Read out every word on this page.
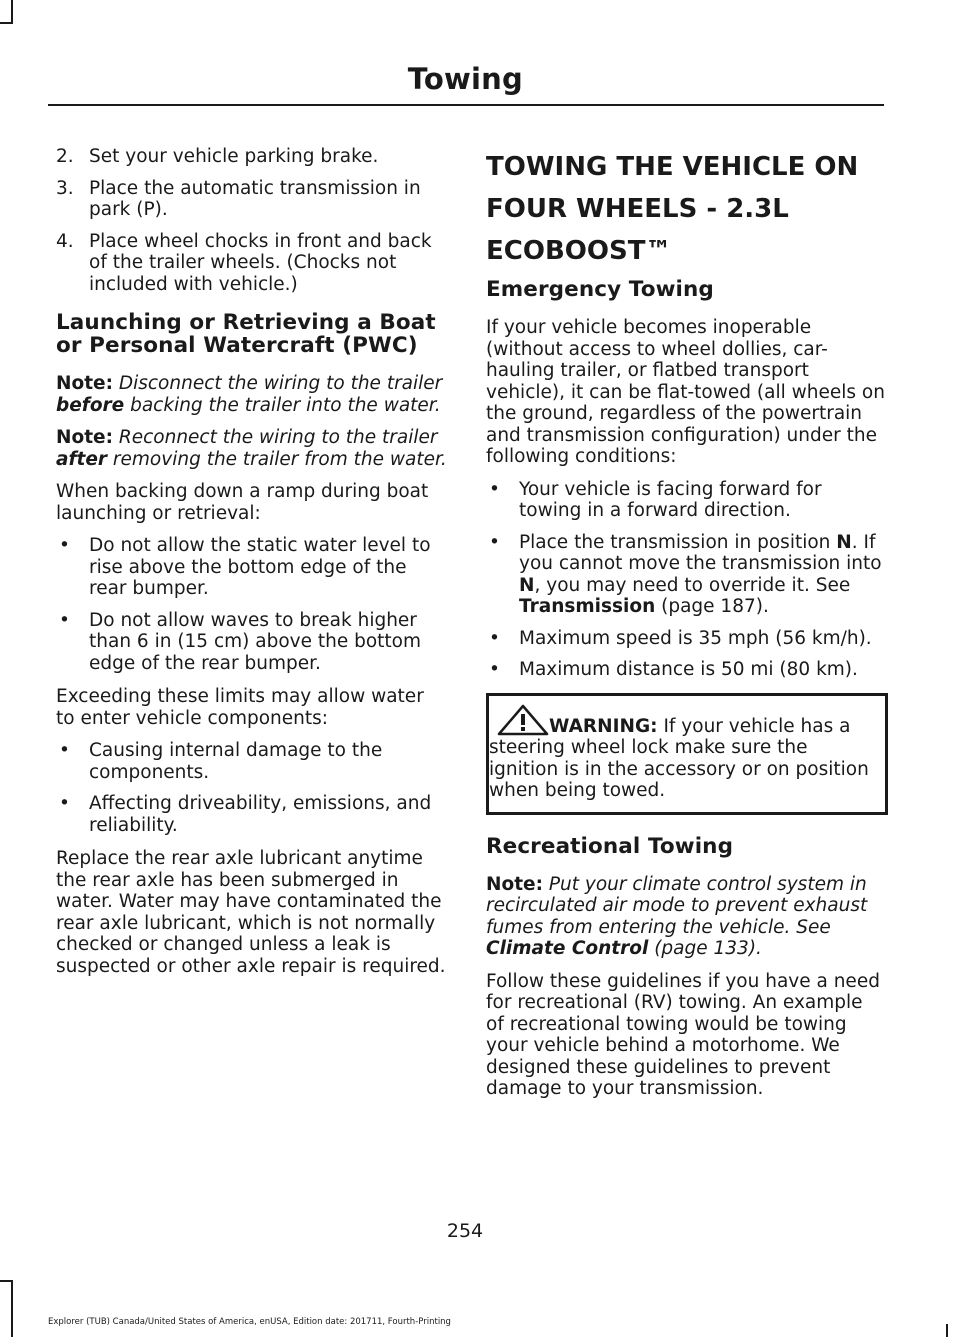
Towing
2. Set your vehicle parking brake.
3. Place the automatic transmission in park (P).
4. Place wheel chocks in front and back of the trailer wheels. (Chocks not included with vehicle.)
Launching or Retrieving a Boat or Personal Watercraft (PWC)

Note: Disconnect the wiring to the trailer before backing the trailer into the water.

Note: Reconnect the wiring to the trailer after removing the trailer from the water.

When backing down a ramp during boat launching or retrieval:

• Do not allow the static water level to rise above the bottom edge of the rear bumper.
• Do not allow waves to break higher than 6 in (15 cm) above the bottom edge of the rear bumper.

Exceeding these limits may allow water to enter vehicle components:

• Causing internal damage to the components.
• Affecting driveability, emissions, and reliability.

Replace the rear axle lubricant anytime the rear axle has been submerged in water. Water may have contaminated the rear axle lubricant, which is not normally checked or changed unless a leak is suspected or other axle repair is required.

TOWING THE VEHICLE ON
FOUR WHEELS - 2.3L
ECOBOOST™
Emergency Towing

If your vehicle becomes inoperable (without access to wheel dollies, car-hauling trailer, or flatbed transport vehicle), it can be flat-towed (all wheels on the ground, regardless of the powertrain and transmission configuration) under the following conditions:

• Your vehicle is facing forward for towing in a forward direction.
• Place the transmission in position N. If you cannot move the transmission into N, you may need to override it. See Transmission (page 187).
• Maximum speed is 35 mph (56 km/h).
• Maximum distance is 50 mi (80 km).

WARNING: If your vehicle has a steering wheel lock make sure the ignition is in the accessory or on position when being towed.

Recreational Towing

Note: Put your climate control system in recirculated air mode to prevent exhaust fumes from entering the vehicle. See Climate Control (page 133).

Follow these guidelines if you have a need for recreational (RV) towing. An example of recreational towing would be towing your vehicle behind a motorhome. We designed these guidelines to prevent damage to your transmission.

254
Explorer (TUB) Canada/United States of America, enUSA, Edition date: 201711, Fourth-Printing
